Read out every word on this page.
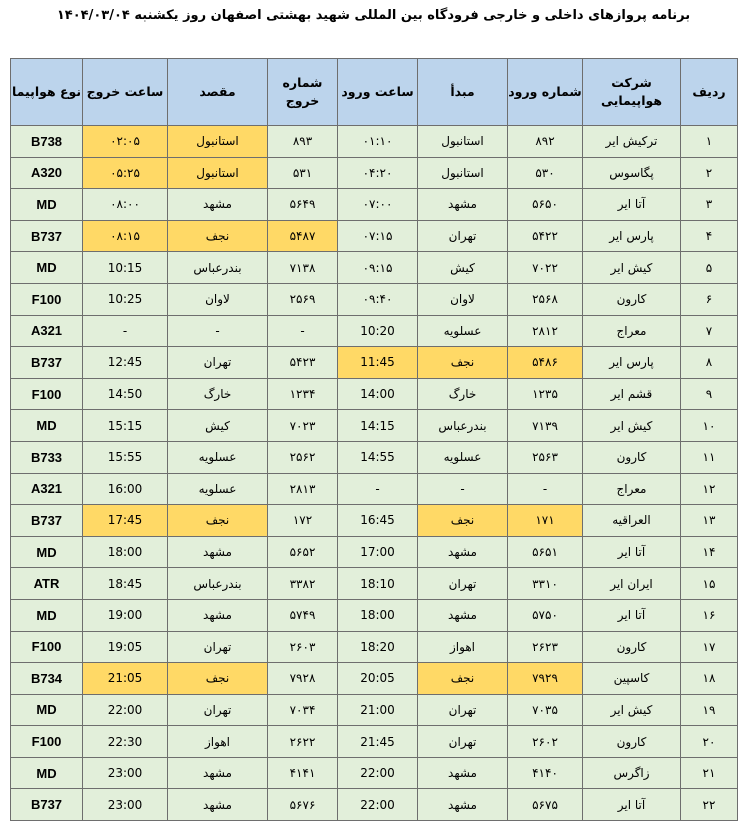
برنامه پروازهای داخلی و خارجی فرودگاه بین المللی شهید بهشتی اصفهان روز یکشنبه ۱۴۰۴/۰۳/۰۴
ردیف	شرکت هواپیمایی	شماره ورود	مبدأ	ساعت ورود	شماره خروج	مقصد	ساعت خروج	نوع هواپیما
۱	ترکیش ایر	۸۹۲	استانبول	۰۱:۱۰	۸۹۳	استانبول	۰۲:۰۵	B738
۲	پگاسوس	۵۳۰	استانبول	۰۴:۲۰	۵۳۱	استانبول	۰۵:۲۵	A320
۳	آتا ایر	۵۶۵۰	مشهد	۰۷:۰۰	۵۶۴۹	مشهد	۰۸:۰۰	MD
۴	پارس ایر	۵۴۲۲	تهران	۰۷:۱۵	۵۴۸۷	نجف	۰۸:۱۵	B737
۵	کیش ایر	۷۰۲۲	کیش	۰۹:۱۵	۷۱۳۸	بندرعباس	10:15	MD
۶	کارون	۲۵۶۸	لاوان	۰۹:۴۰	۲۵۶۹	لاوان	10:25	F100
۷	معراج	۲۸۱۲	عسلویه	10:20	-	-	-	A321
۸	پارس ایر	۵۴۸۶	نجف	11:45	۵۴۲۳	تهران	12:45	B737
۹	قشم ایر	۱۲۳۵	خارگ	14:00	۱۲۳۴	خارگ	14:50	F100
۱۰	کیش ایر	۷۱۳۹	بندرعباس	14:15	۷۰۲۳	کیش	15:15	MD
۱۱	کارون	۲۵۶۳	عسلویه	14:55	۲۵۶۲	عسلویه	15:55	B733
۱۲	معراج	-	-	-	۲۸۱۳	عسلویه	16:00	A321
۱۳	العراقیه	۱۷۱	نجف	16:45	۱۷۲	نجف	17:45	B737
۱۴	آتا ایر	۵۶۵۱	مشهد	17:00	۵۶۵۲	مشهد	18:00	MD
۱۵	ایران ایر	۳۳۱۰	تهران	18:10	۳۳۸۲	بندرعباس	18:45	ATR
۱۶	آتا ایر	۵۷۵۰	مشهد	18:00	۵۷۴۹	مشهد	19:00	MD
۱۷	کارون	۲۶۲۳	اهواز	18:20	۲۶۰۳	تهران	19:05	F100
۱۸	کاسپین	۷۹۲۹	نجف	20:05	۷۹۲۸	نجف	21:05	B734
۱۹	کیش ایر	۷۰۳۵	تهران	21:00	۷۰۳۴	تهران	22:00	MD
۲۰	کارون	۲۶۰۲	تهران	21:45	۲۶۲۲	اهواز	22:30	F100
۲۱	زاگرس	۴۱۴۰	مشهد	22:00	۴۱۴۱	مشهد	23:00	MD
۲۲	آتا ایر	۵۶۷۵	مشهد	22:00	۵۶۷۶	مشهد	23:00	B737
